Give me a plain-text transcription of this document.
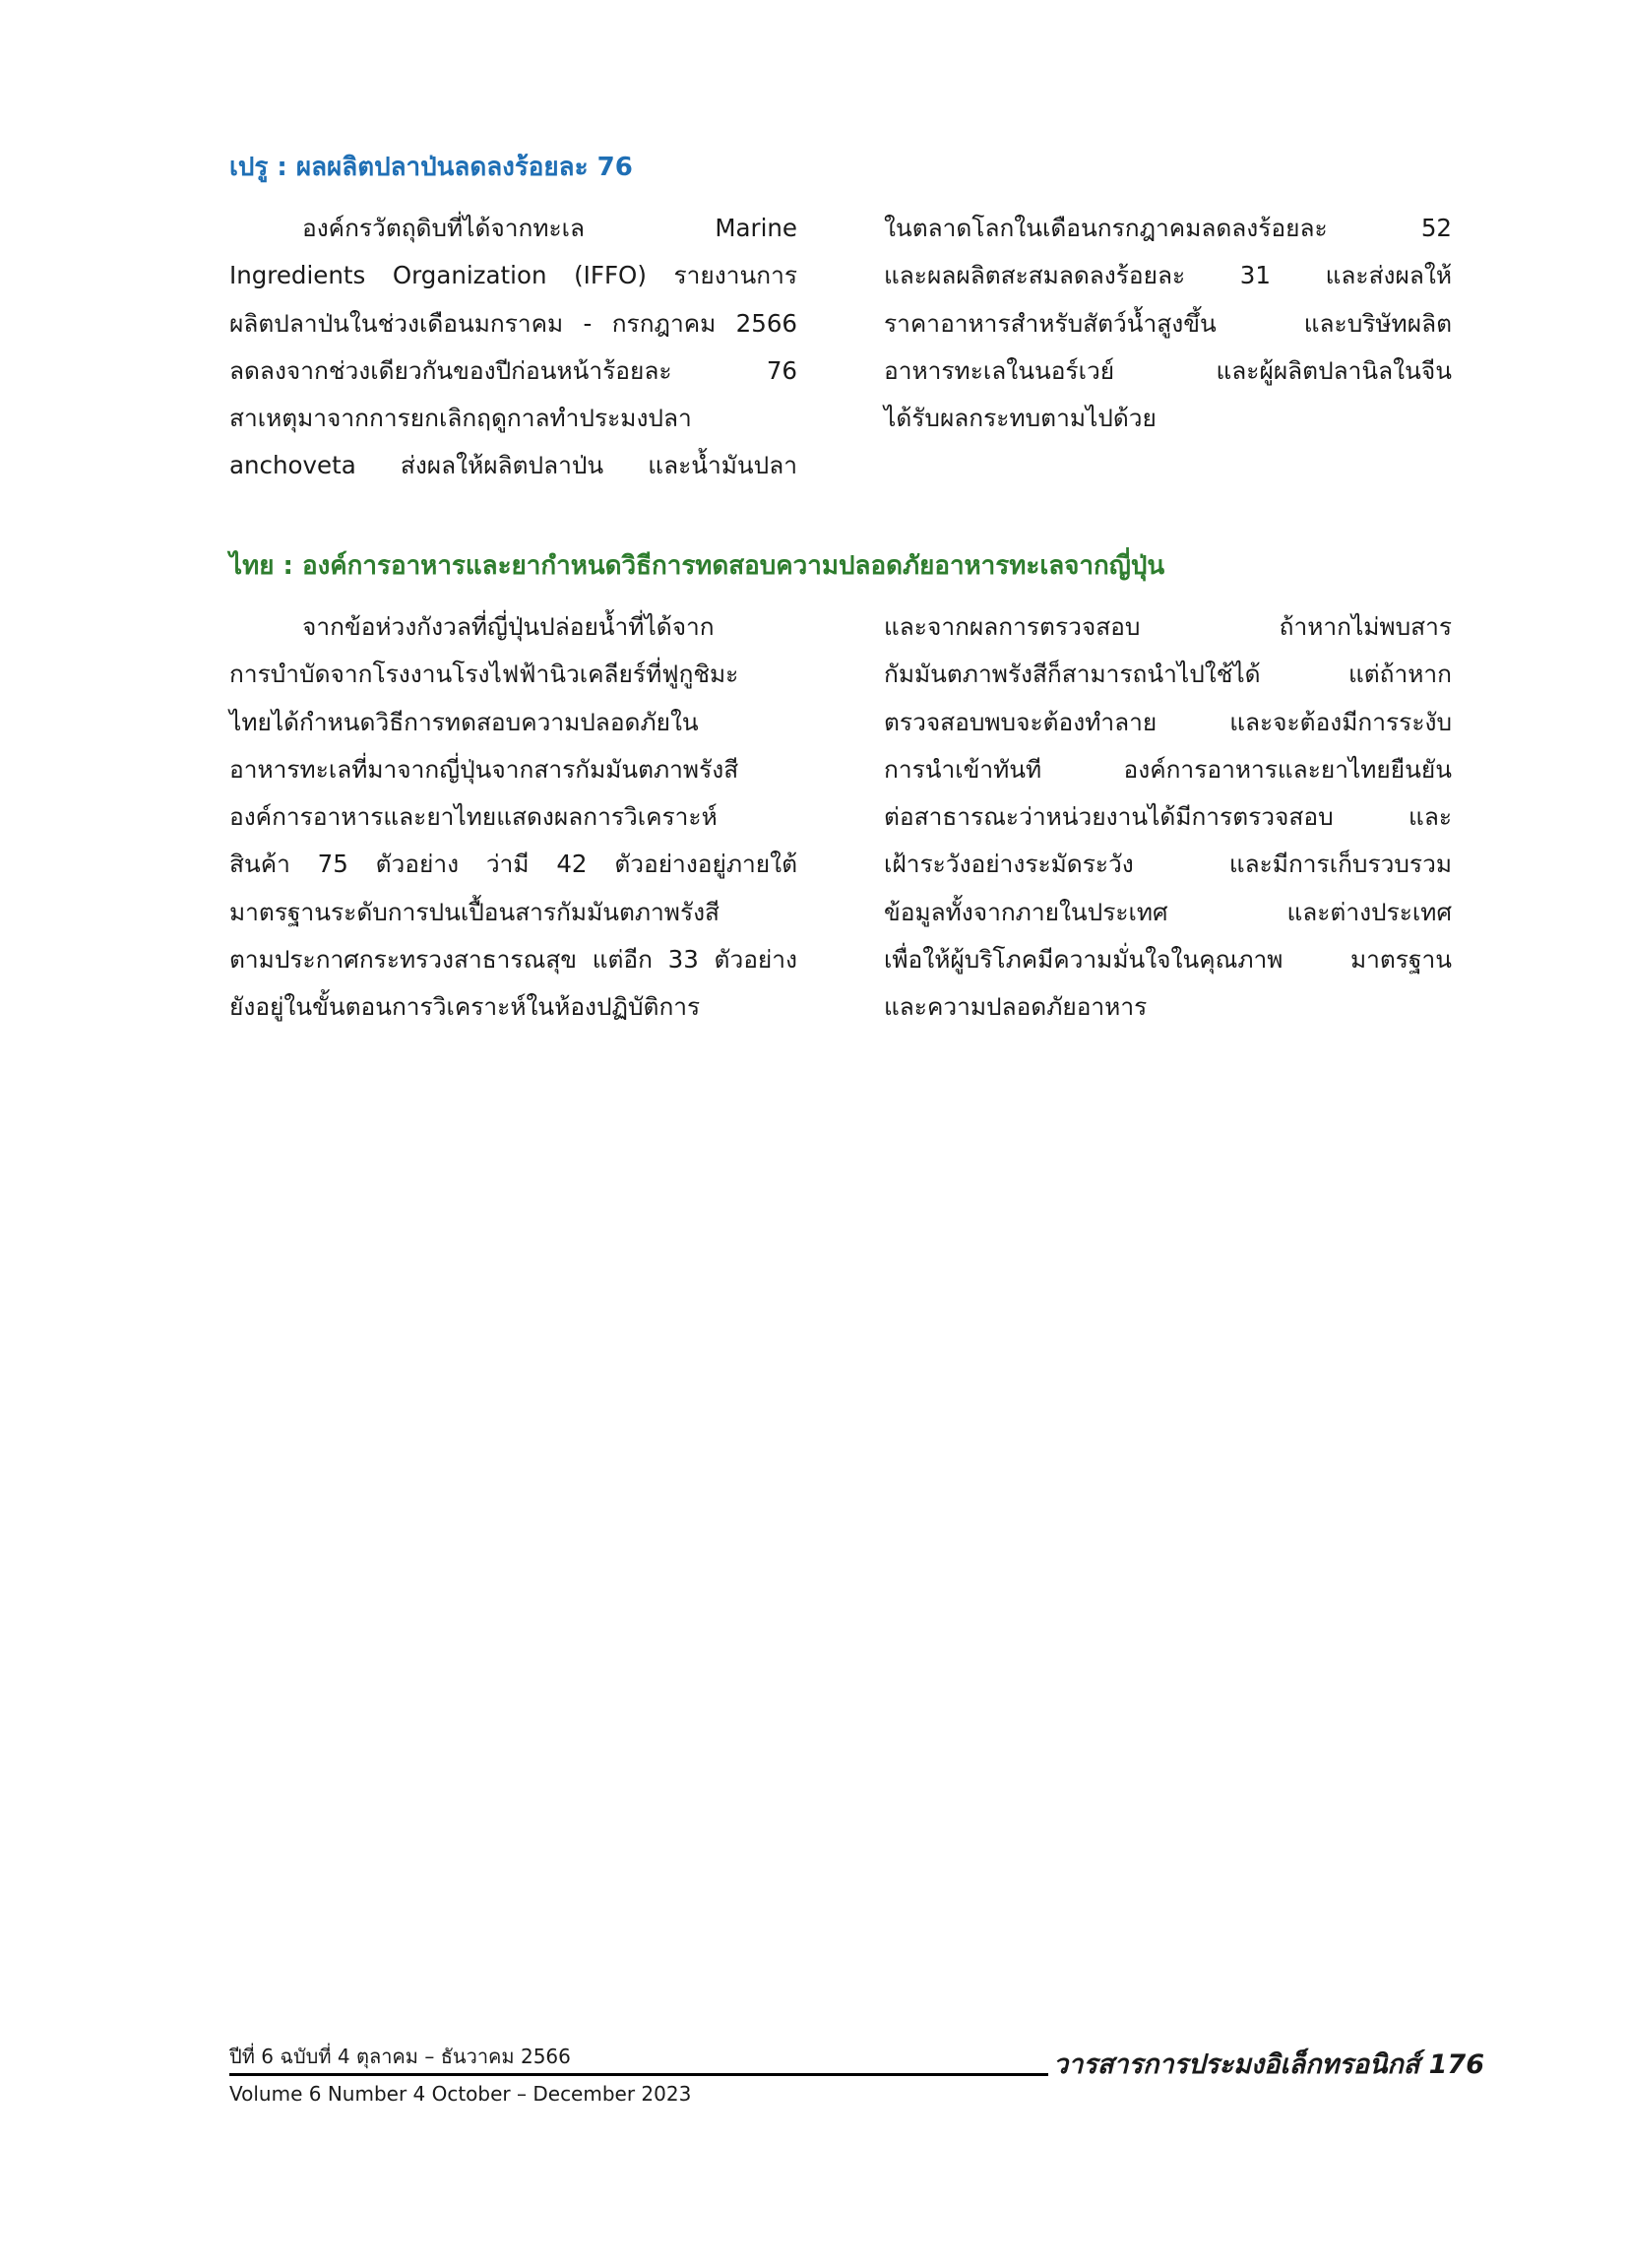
เปรู : ผลผลิตปลาป่นลดลงร้อยละ 76
องค์กรวัตถุดิบที่ได้จากทะเล Marine
Ingredients Organization (IFFO) รายงานการ
ผลิตปลาป่นในช่วงเดือนมกราคม - กรกฎาคม 2566
ลดลงจากช่วงเดียวกันของปีก่อนหน้าร้อยละ 76
สาเหตุมาจากการยกเลิกฤดูกาลทำประมงปลา
anchoveta ส่งผลให้ผลิตปลาป่น และน้ำมันปลา
ในตลาดโลกในเดือนกรกฎาคมลดลงร้อยละ 52
และผลผลิตสะสมลดลงร้อยละ 31 และส่งผลให้
ราคาอาหารสำหรับสัตว์น้ำสูงขึ้น และบริษัทผลิต
อาหารทะเลในนอร์เวย์ และผู้ผลิตปลานิลในจีน
ได้รับผลกระทบตามไปด้วย
ไทย : องค์การอาหารและยากำหนดวิธีการทดสอบความปลอดภัยอาหารทะเลจากญี่ปุ่น
จากข้อห่วงกังวลที่ญี่ปุ่นปล่อยน้ำที่ได้จาก
การบำบัดจากโรงงานโรงไฟฟ้านิวเคลียร์ที่ฟูกูชิมะ
ไทยได้กำหนดวิธีการทดสอบความปลอดภัยใน
อาหารทะเลที่มาจากญี่ปุ่นจากสารกัมมันตภาพรังสี
องค์การอาหารและยาไทยแสดงผลการวิเคราะห์
สินค้า 75 ตัวอย่าง ว่ามี 42 ตัวอย่างอยู่ภายใต้
มาตรฐานระดับการปนเปื้อนสารกัมมันตภาพรังสี
ตามประกาศกระทรวงสาธารณสุข แต่อีก 33 ตัวอย่าง
ยังอยู่ในขั้นตอนการวิเคราะห์ในห้องปฏิบัติการ
และจากผลการตรวจสอบ ถ้าหากไม่พบสาร
กัมมันตภาพรังสีก็สามารถนำไปใช้ได้ แต่ถ้าหาก
ตรวจสอบพบจะต้องทำลาย และจะต้องมีการระงับ
การนำเข้าทันที องค์การอาหารและยาไทยยืนยัน
ต่อสาธารณะว่าหน่วยงานได้มีการตรวจสอบ และ
เฝ้าระวังอย่างระมัดระวัง และมีการเก็บรวบรวม
ข้อมูลทั้งจากภายในประเทศ และต่างประเทศ
เพื่อให้ผู้บริโภคมีความมั่นใจในคุณภาพ มาตรฐาน
และความปลอดภัยอาหาร
ปีที่ 6 ฉบับที่ 4 ตุลาคม – ธันวาคม 2566
Volume 6 Number 4 October – December 2023
วารสารการประมงอิเล็กทรอนิกส์ 176
